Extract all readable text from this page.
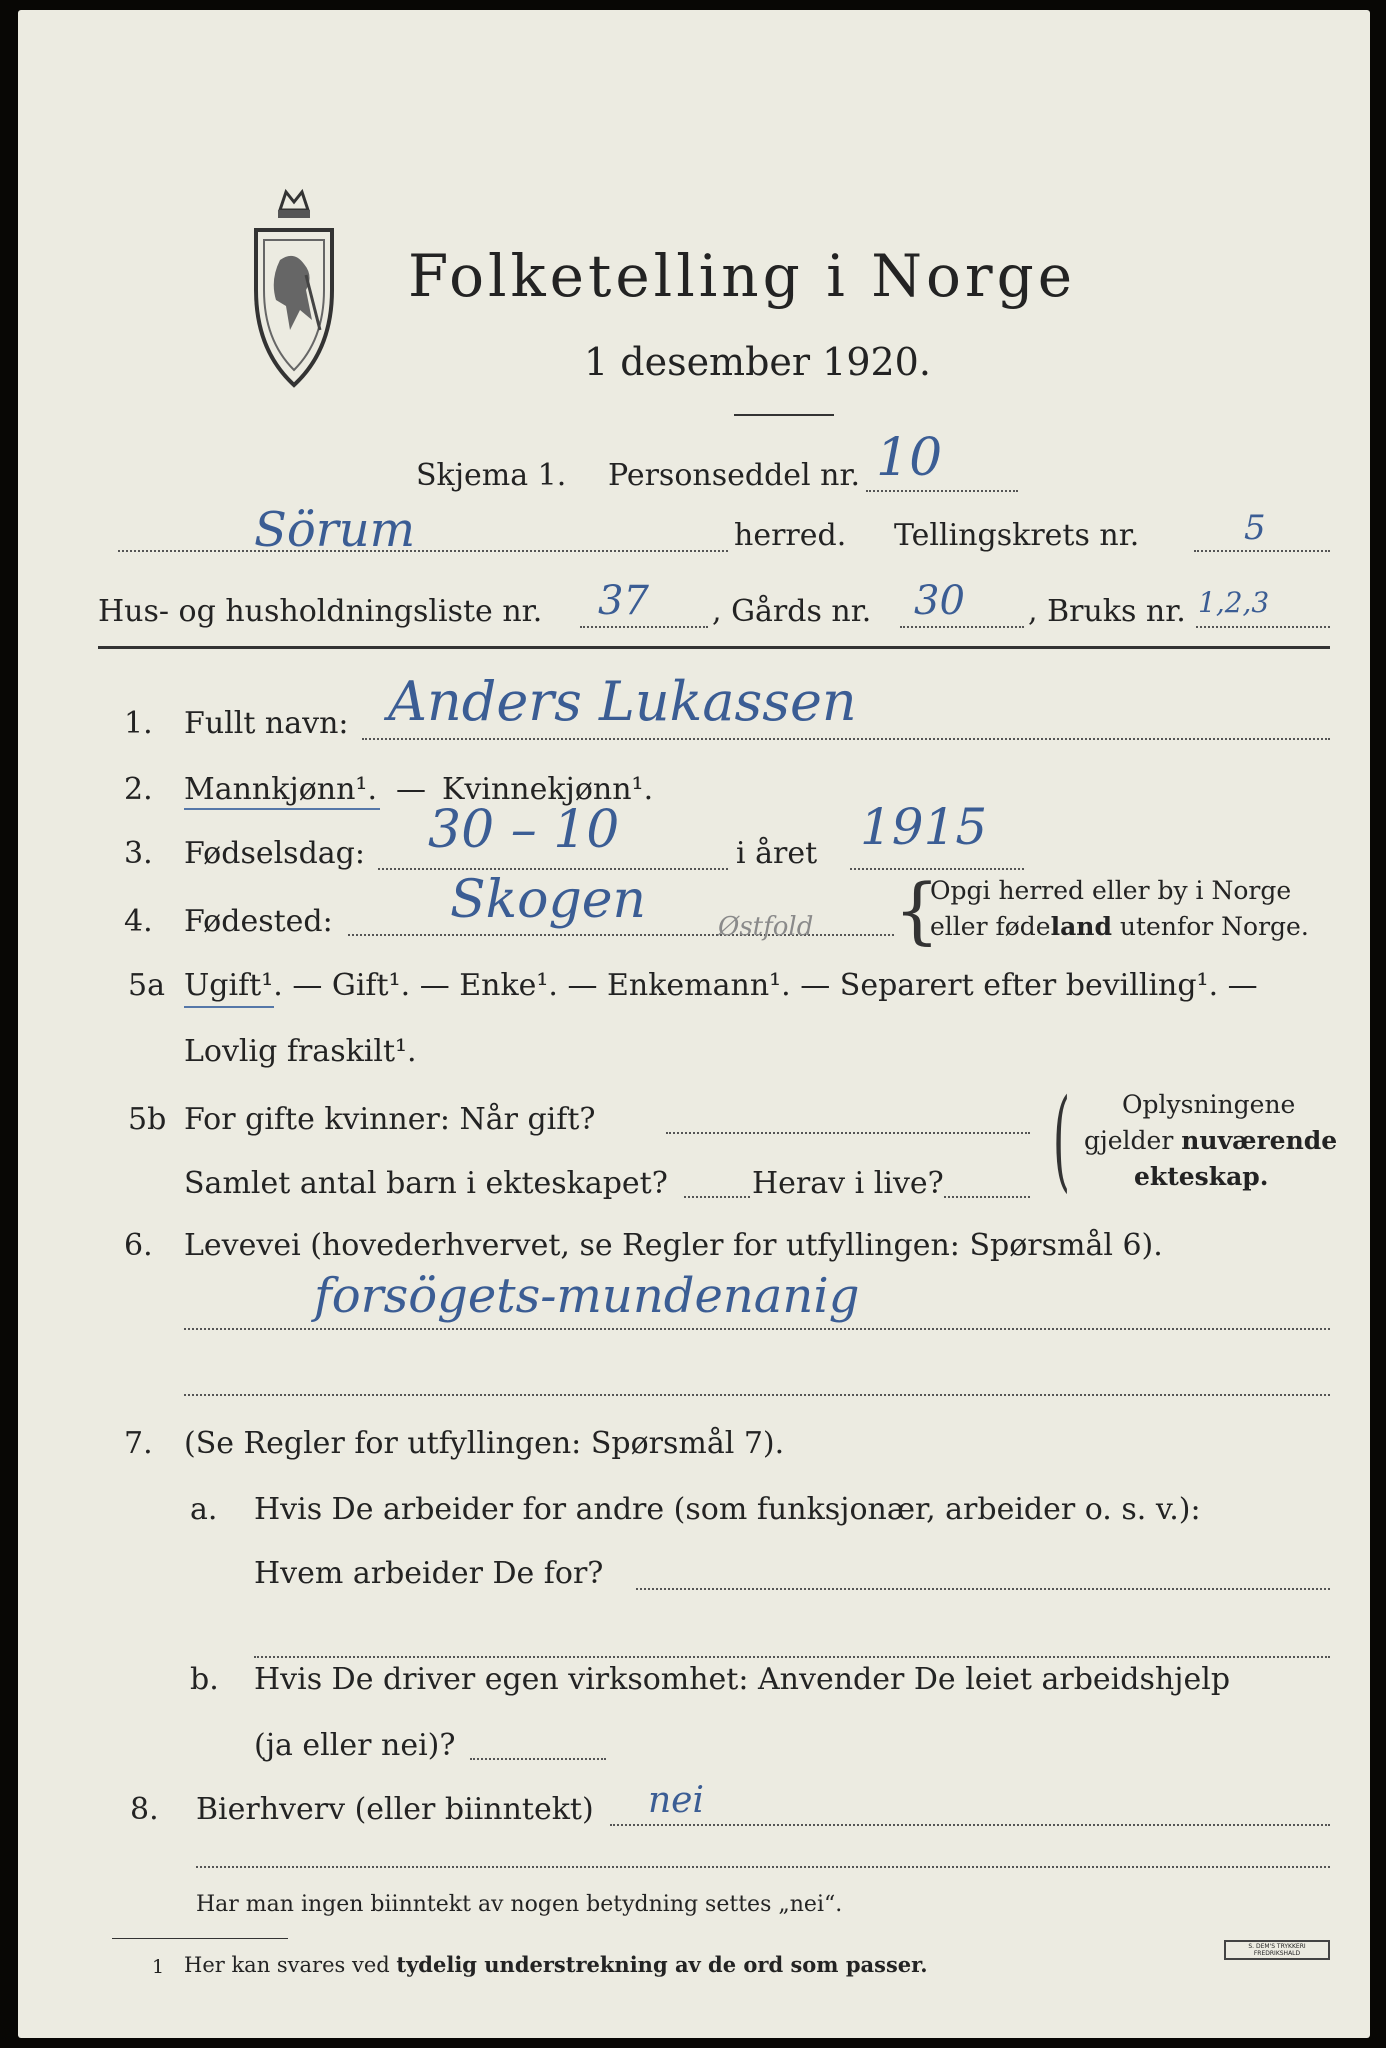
Folketelling i Norge
1 desember 1920.
Skjema 1. Personseddel nr. 10
Sörum	herred. Tellingskrets nr.	5
Hus- og husholdningsliste nr. 37 , Gårds nr. 30 , Bruks nr. 1,2,3
1. Fullt navn: Anders Lukassen
2. Mannkjønn¹. — Kvinnekjønn¹.
3. Fødselsdag: 30 – 10	i året 1915
4. Fødested: Skogen	Østfold {
Opgi herred eller by i Norge
eller fødeland utenfor Norge.
5a Ugift¹. — Gift¹. — Enke¹. — Enkemann¹. — Separert efter bevilling¹. —
Lovlig fraskilt¹.
5b For gifte kvinner: Når gift?
Samlet antal barn i ekteskapet?	Herav i live? ( Oplysningene
gjelder nuværende
ekteskap.
6. Levevei (hovederhvervet, se Regler for utfyllingen: Spørsmål 6).
forsögets-mundenanig
7. (Se Regler for utfyllingen: Spørsmål 7).
a. Hvis De arbeider for andre (som funksjonær, arbeider o. s. v.):
Hvem arbeider De for?
b. Hvis De driver egen virksomhet: Anvender De leiet arbeidshjelp
(ja eller nei)?
8. Bierhverv (eller biinntekt) nei
Har man ingen biinntekt av nogen betydning settes „nei“.
1 Her kan svares ved tydelig understrekning av de ord som passer.
S. DEM'S TRYKKERI
FREDRIKSHALD
